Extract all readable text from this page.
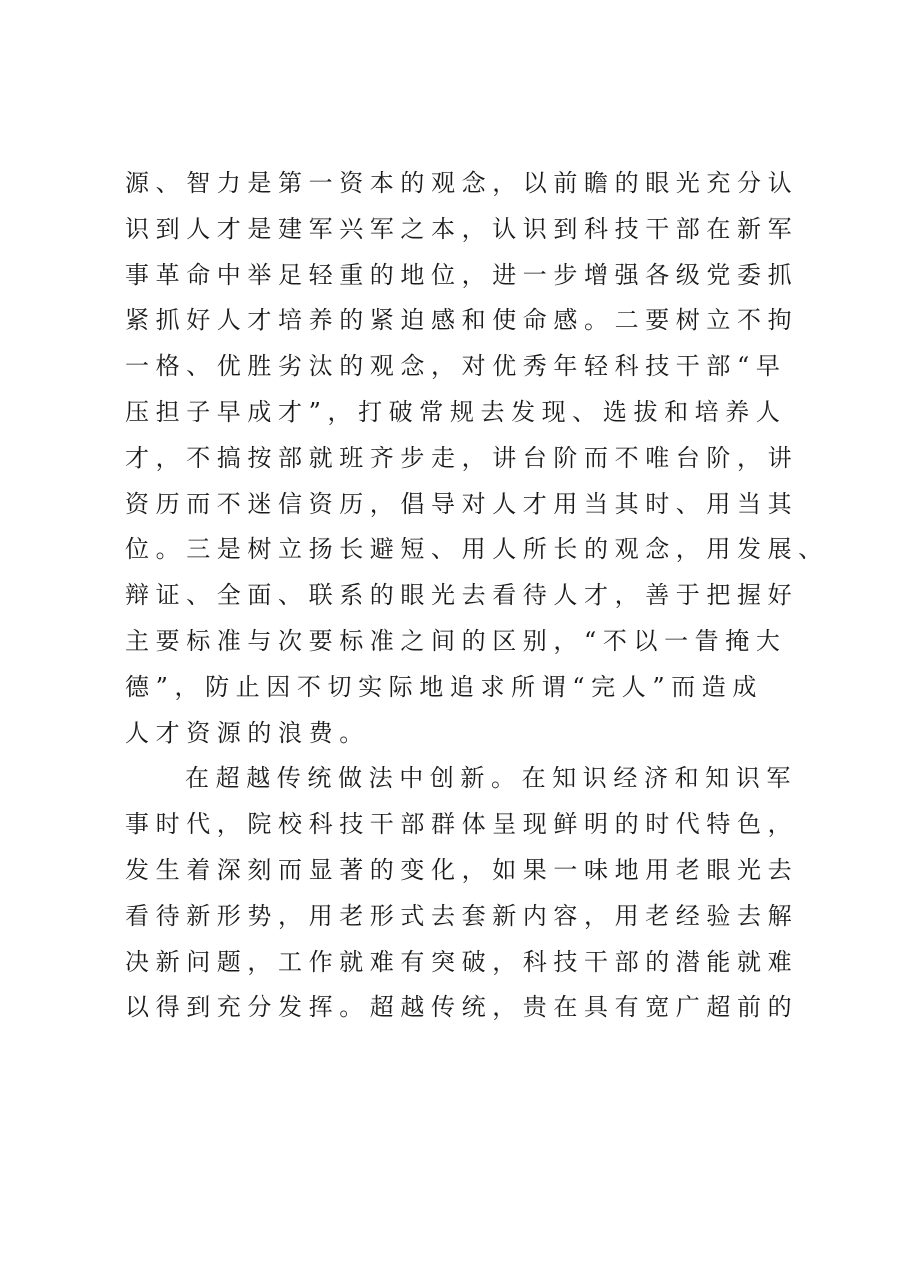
源、智力是第一资本的观念，以前瞻的眼光充分认
识到人才是建军兴军之本，认识到科技干部在新军
事革命中举足轻重的地位，进一步增强各级党委抓
紧抓好人才培养的紧迫感和使命感。二要树立不拘
一格、优胜劣汰的观念，对优秀年轻科技干部“早
压担子早成才”，打破常规去发现、选拔和培养人
才，不搞按部就班齐步走，讲台阶而不唯台阶，讲
资历而不迷信资历，倡导对人才用当其时、用当其
位。三是树立扬长避短、用人所长的观念，用发展、
辩证、全面、联系的眼光去看待人才，善于把握好
主要标准与次要标准之间的区别，“不以一眚掩大
德”，防止因不切实际地追求所谓“完人”而造成
人才资源的浪费。
在超越传统做法中创新。在知识经济和知识军
事时代，院校科技干部群体呈现鲜明的时代特色，
发生着深刻而显著的变化，如果一味地用老眼光去
看待新形势，用老形式去套新内容，用老经验去解
决新问题，工作就难有突破，科技干部的潜能就难
以得到充分发挥。超越传统，贵在具有宽广超前的
